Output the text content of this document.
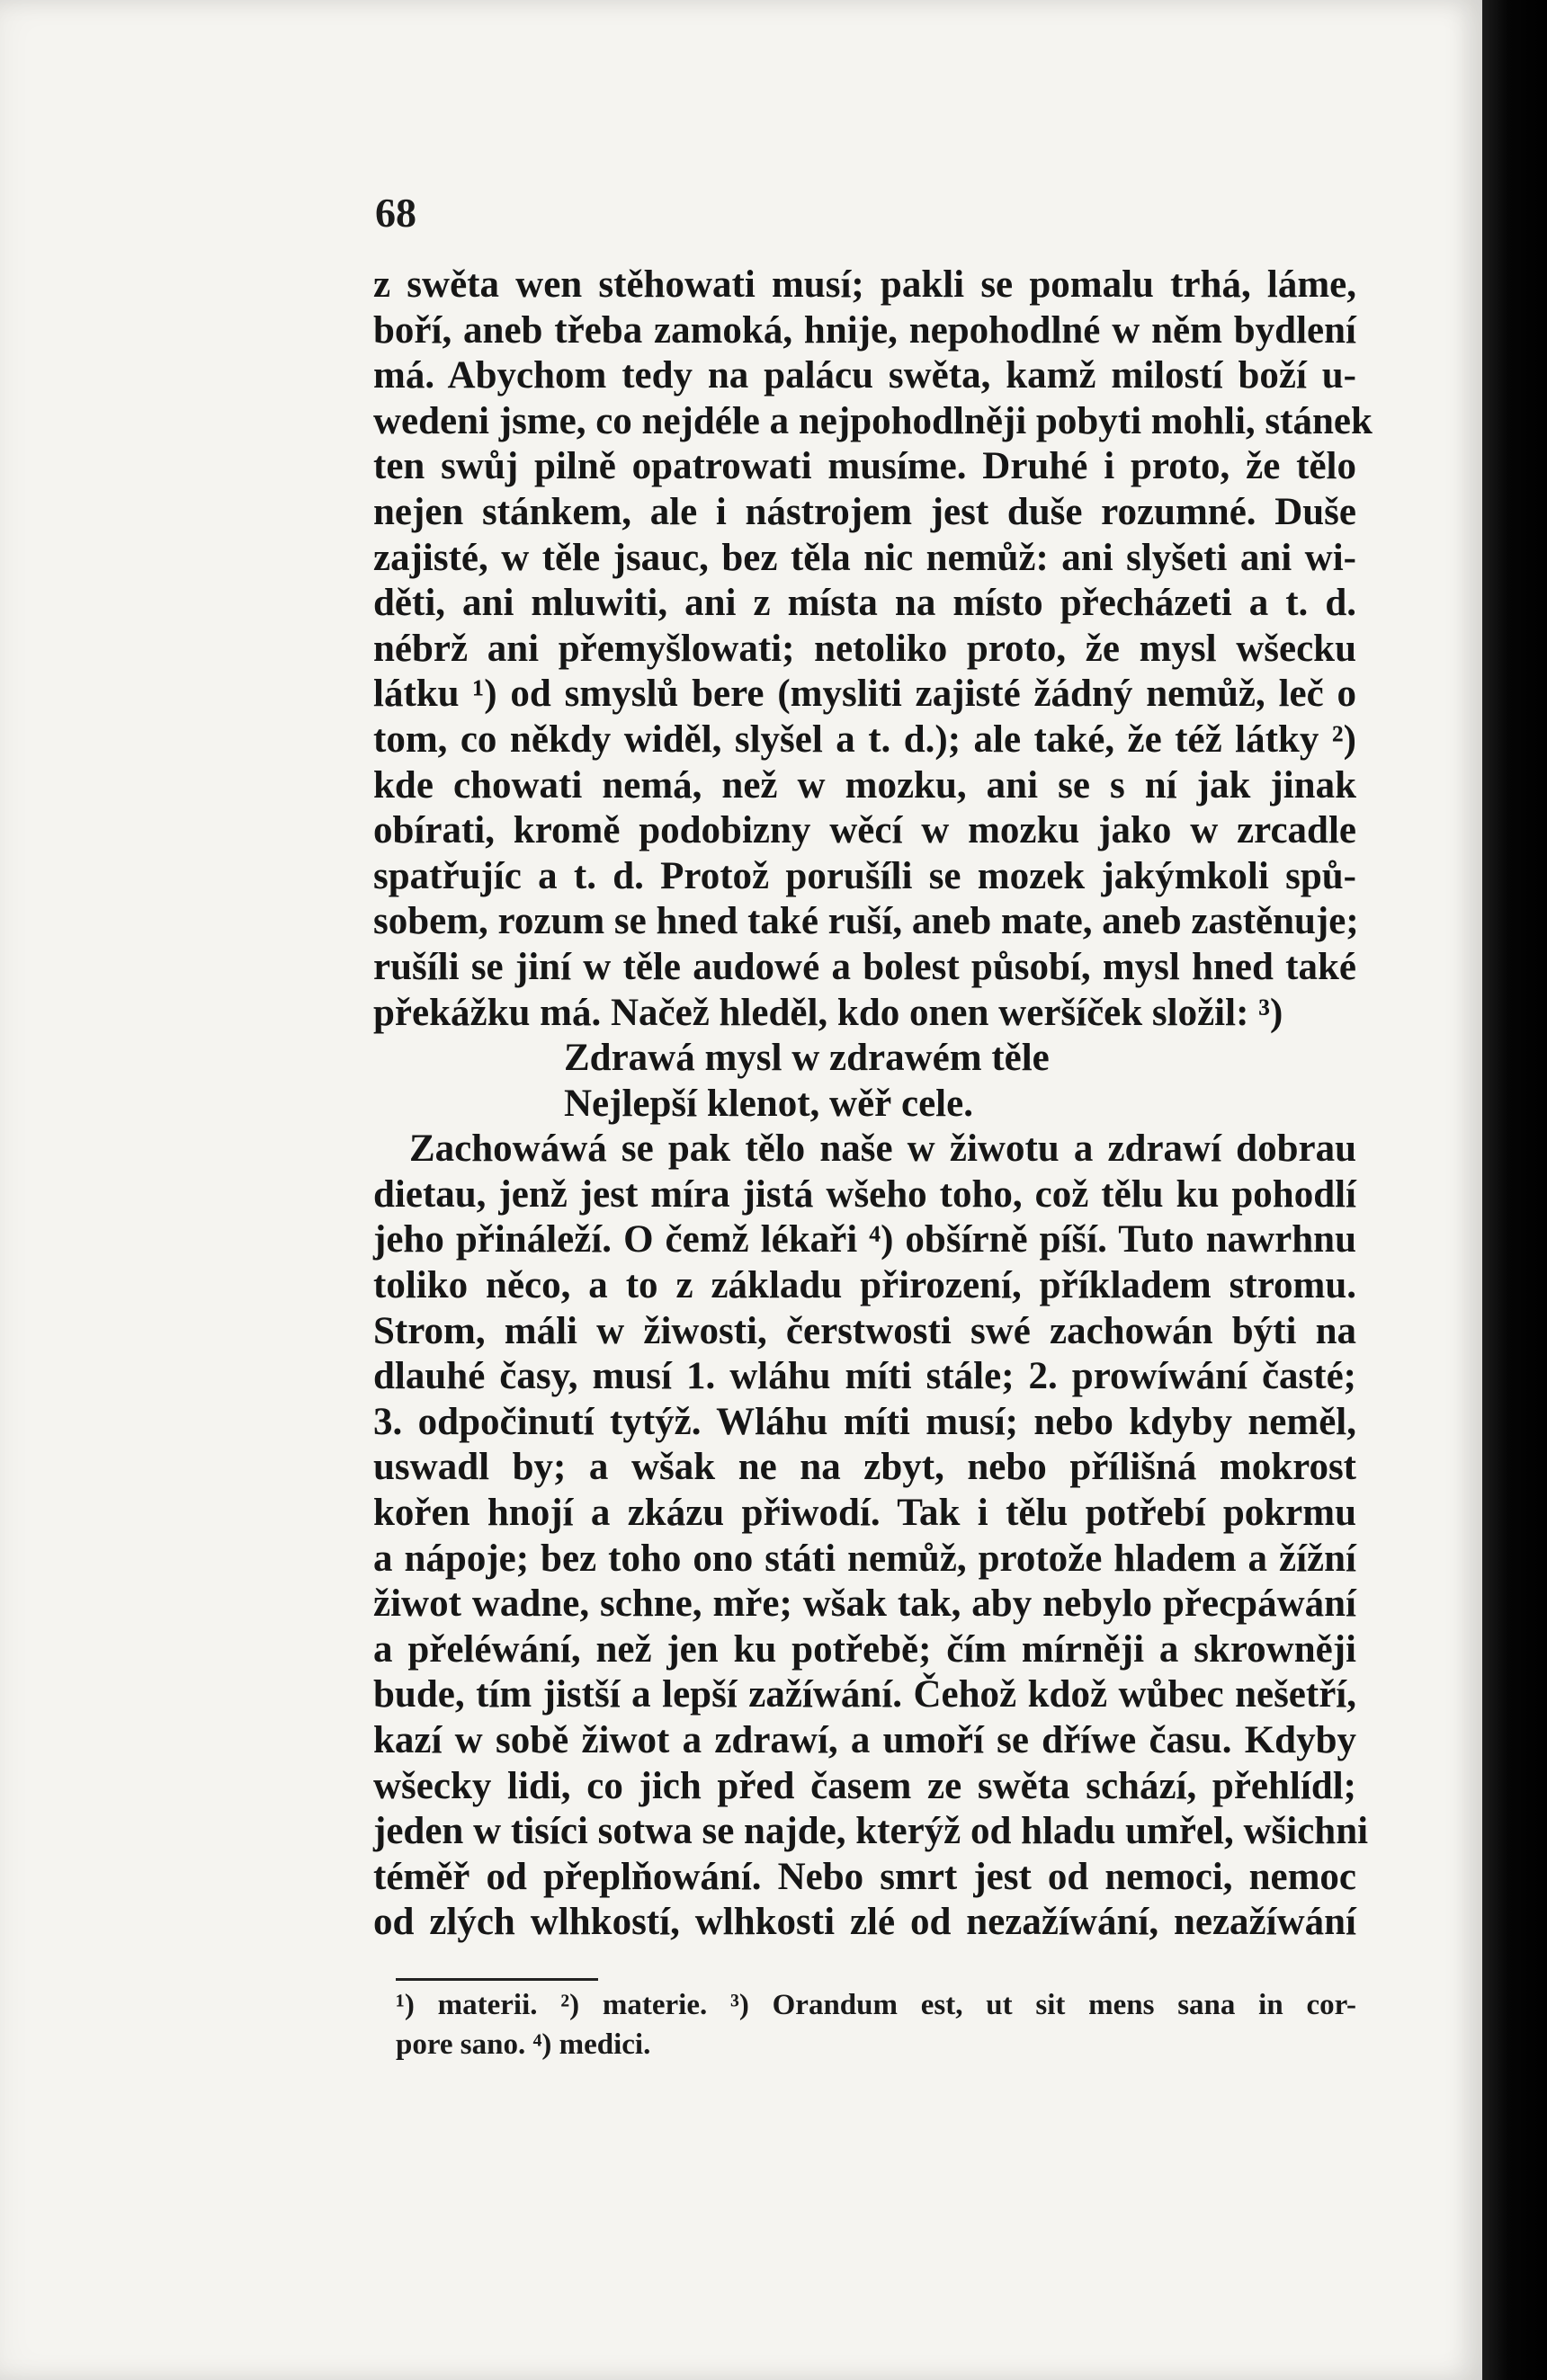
68
z swěta wen stěhowati musí; pakli se pomalu trhá, láme,
boří, aneb třeba zamoká, hnije, nepohodlné w něm bydlení
má. Abychom tedy na palácu swěta, kamž milostí boží u-
wedeni jsme, co nejdéle a nejpohodlněji pobyti mohli, stánek
ten swůj pilně opatrowati musíme. Druhé i proto, že tělo
nejen stánkem, ale i nástrojem jest duše rozumné. Duše
zajisté, w těle jsauc, bez těla nic nemůž: ani slyšeti ani wi-
děti, ani mluwiti, ani z místa na místo přecházeti a t. d.
nébrž ani přemyšlowati; netoliko proto, že mysl wšecku
látku ¹) od smyslů bere (mysliti zajisté žádný nemůž, leč o
tom, co někdy widěl, slyšel a t. d.); ale také, že též látky ²)
kde chowati nemá, než w mozku, ani se s ní jak jinak
obírati, kromě podobizny wěcí w mozku jako w zrcadle
spatřujíc a t. d. Protož porušíli se mozek jakýmkoli spů-
sobem, rozum se hned také ruší, aneb mate, aneb zastěnuje;
rušíli se jiní w těle audowé a bolest působí, mysl hned také
překážku má. Načež hleděl, kdo onen weršíček složil: ³)
Zdrawá mysl w zdrawém těle
Nejlepší klenot, wěř cele.
Zachowáwá se pak tělo naše w žiwotu a zdrawí dobrau
dietau, jenž jest míra jistá wšeho toho, což tělu ku pohodlí
jeho přináleží. O čemž lékaři ⁴) obšírně píší. Tuto nawrhnu
toliko něco, a to z základu přirození, příkladem stromu.
Strom, máli w žiwosti, čerstwosti swé zachowán býti na
dlauhé časy, musí 1. wláhu míti stále; 2. prowíwání časté;
3. odpočinutí tytýž. Wláhu míti musí; nebo kdyby neměl,
uswadl by; a wšak ne na zbyt, nebo přílišná mokrost
kořen hnojí a zkázu přiwodí. Tak i tělu potřebí pokrmu
a nápoje; bez toho ono státi nemůž, protože hladem a žížní
žiwot wadne, schne, mře; wšak tak, aby nebylo přecpáwání
a přeléwání, než jen ku potřebě; čím mírněji a skrowněji
bude, tím jistší a lepší zažíwání. Čehož kdož wůbec nešetří,
kazí w sobě žiwot a zdrawí, a umoří se dříwe času. Kdyby
wšecky lidi, co jich před časem ze swěta schází, přehlídl;
jeden w tisíci sotwa se najde, kterýž od hladu umřel, wšichni
téměř od přeplňowání. Nebo smrt jest od nemoci, nemoc
od zlých wlhkostí, wlhkosti zlé od nezažíwání, nezažíwání
¹) materii. ²) materie. ³) Orandum est, ut sit mens sana in cor-
pore sano. ⁴) medici.
